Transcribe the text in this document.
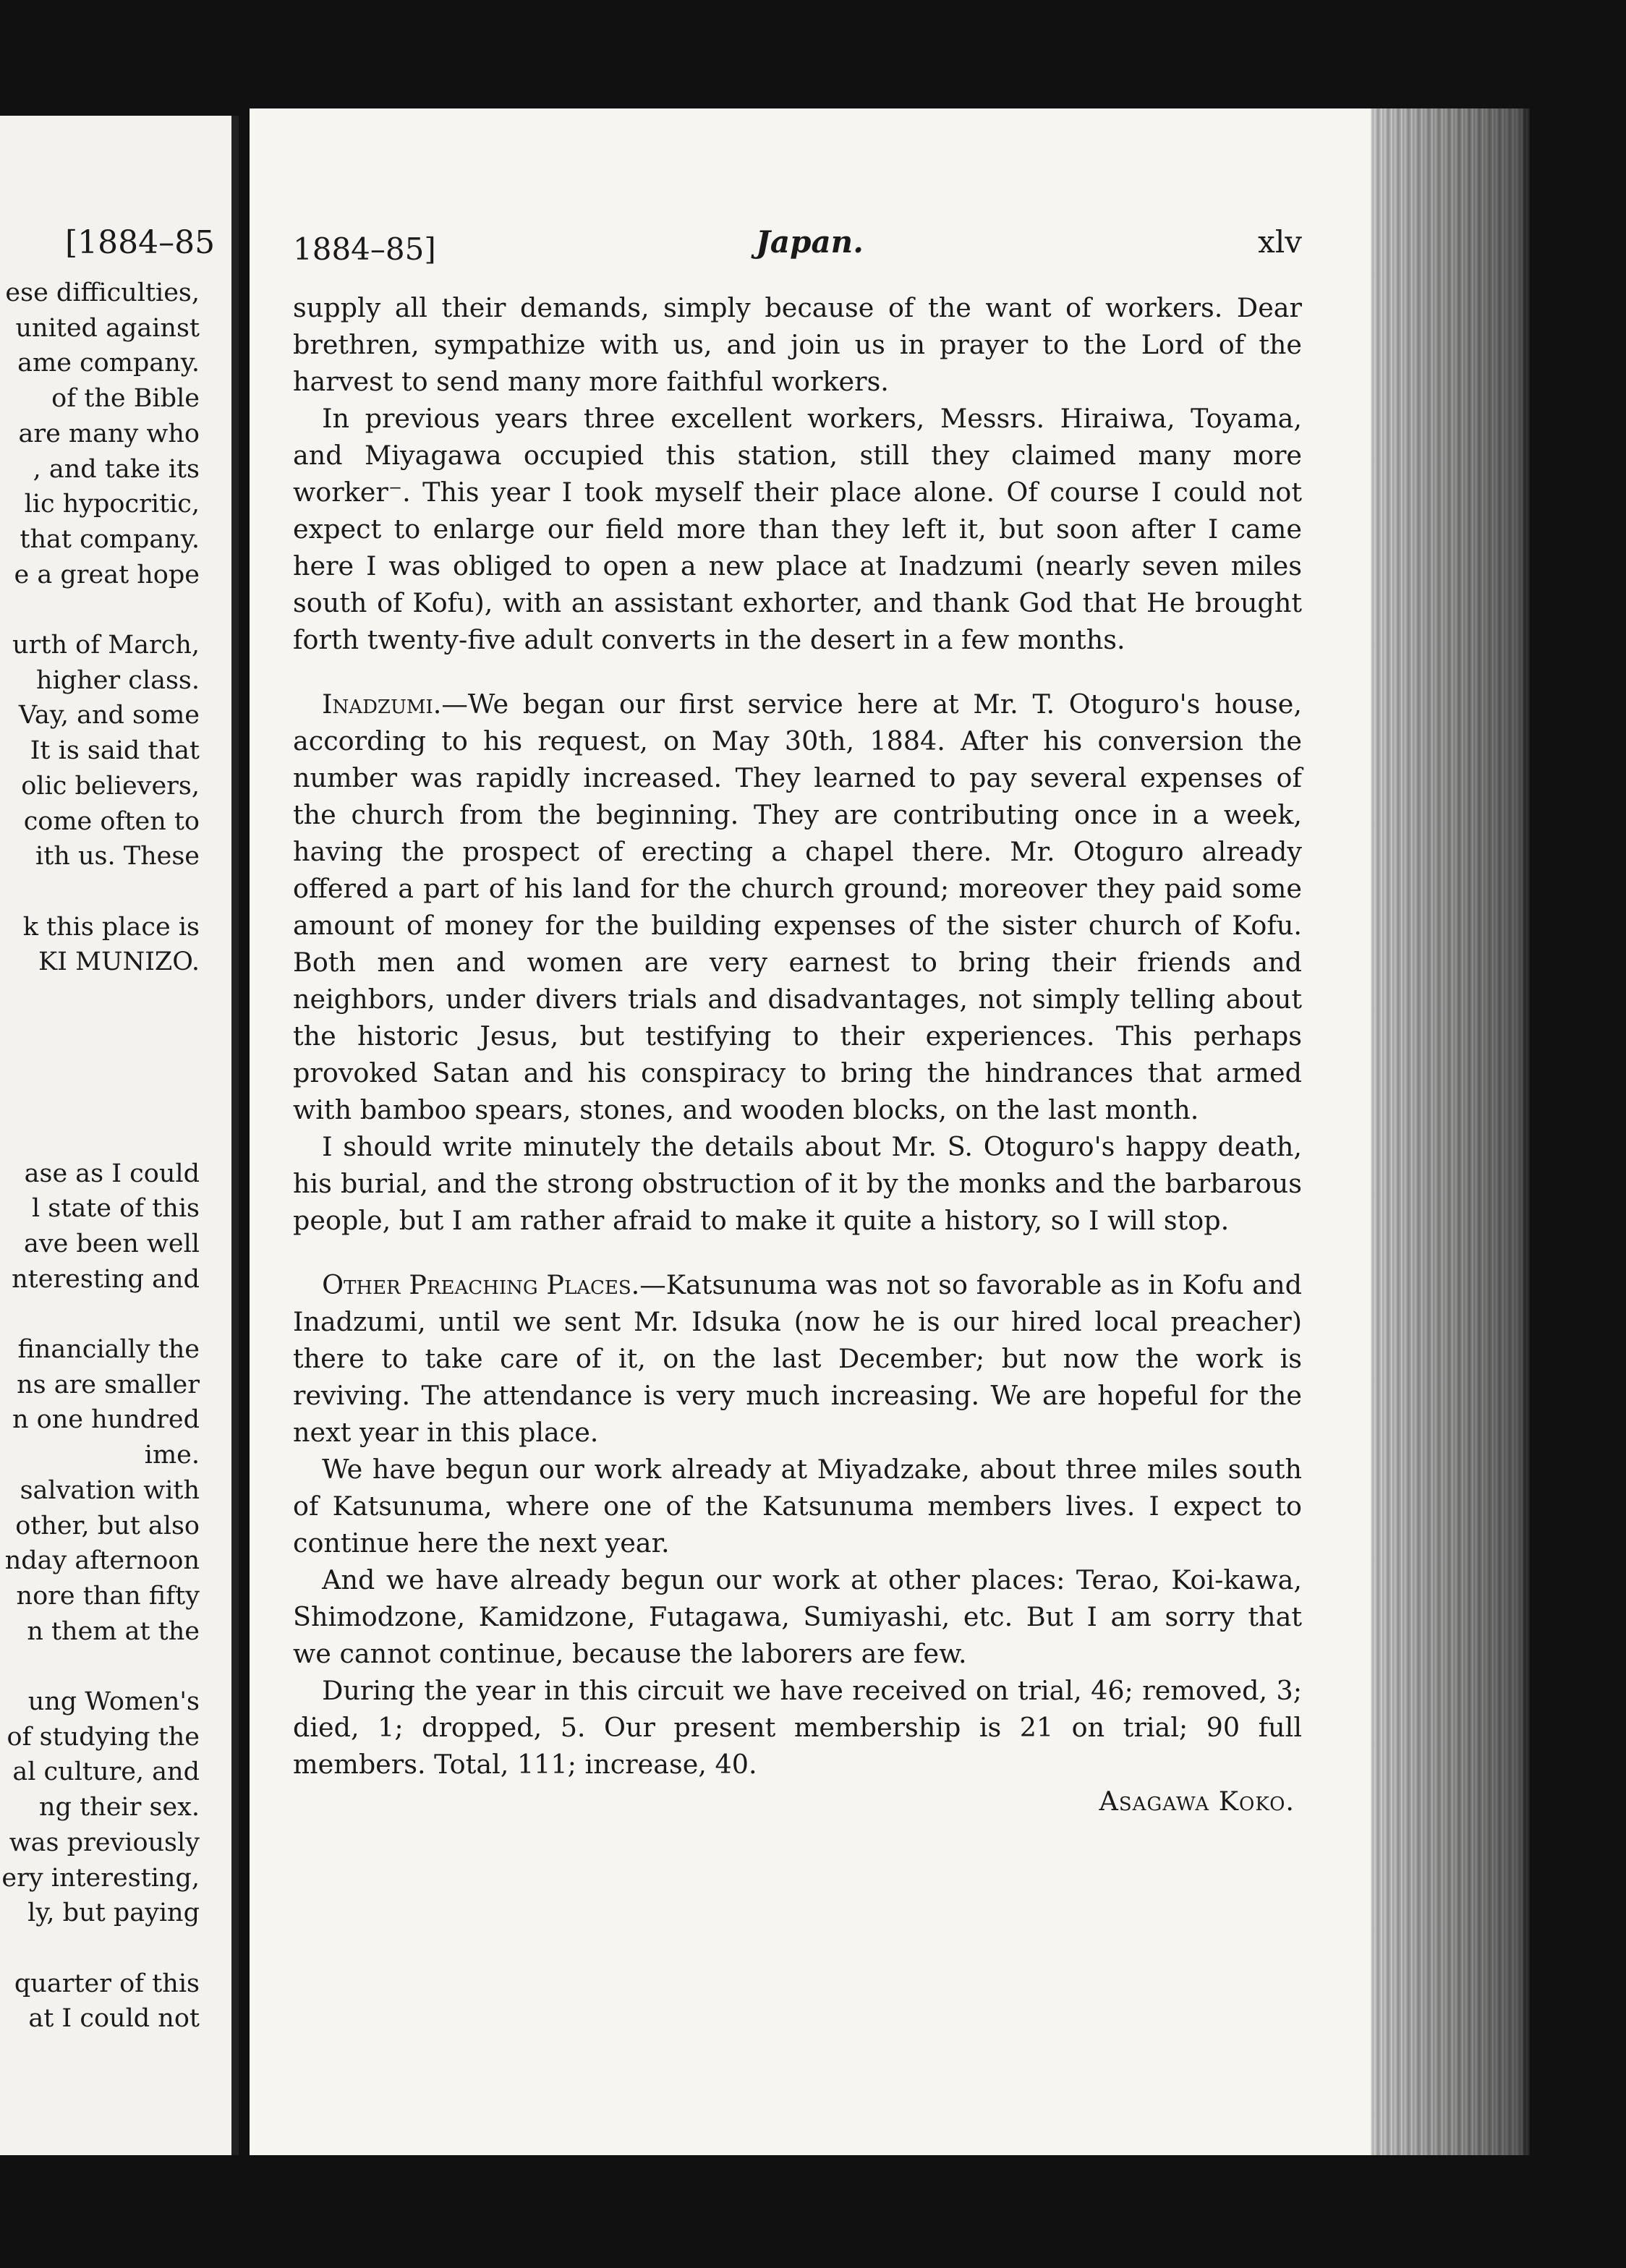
[1884–85
ese difficulties,
united against
ame company.
of the Bible
are many who
, and take its
lic hypocritic,
that company.
e a great hope
urth of March,
higher class.
Vay, and some
It is said that
olic believers,
come often to
ith us. These
k this place is
KI MUNIZO.
ase as I could
l state of this
ave been well
nteresting and
financially the
ns are smaller
n one hundred
ime.
salvation with
other, but also
nday afternoon
nore than fifty
n them at the
ung Women's
of studying the
al culture, and
ng their sex.
was previously
ery interesting,
ly, but paying
quarter of this
at I could not
1884–85]	Japan.	xlv

supply all their demands, simply because of the want of workers. Dear brethren, sympathize with us, and join us in prayer to the Lord of the harvest to send many more faithful workers.

In previous years three excellent workers, Messrs. Hiraiwa, Toyama, and Miyagawa occupied this station, still they claimed many more worker⁻. This year I took myself their place alone. Of course I could not expect to enlarge our field more than they left it, but soon after I came here I was obliged to open a new place at Inadzumi (nearly seven miles south of Kofu), with an assistant exhorter, and thank God that He brought forth twenty-five adult converts in the desert in a few months.

Inadzumi.—We began our first service here at Mr. T. Otoguro's house, according to his request, on May 30th, 1884. After his conversion the number was rapidly increased. They learned to pay several expenses of the church from the beginning. They are contributing once in a week, having the prospect of erecting a chapel there. Mr. Otoguro already offered a part of his land for the church ground; moreover they paid some amount of money for the building expenses of the sister church of Kofu. Both men and women are very earnest to bring their friends and neighbors, under divers trials and disadvantages, not simply telling about the historic Jesus, but testifying to their experiences. This perhaps provoked Satan and his conspiracy to bring the hindrances that armed with bamboo spears, stones, and wooden blocks, on the last month.

I should write minutely the details about Mr. S. Otoguro's happy death, his burial, and the strong obstruction of it by the monks and the barbarous people, but I am rather afraid to make it quite a history, so I will stop.

Other Preaching Places.—Katsunuma was not so favorable as in Kofu and Inadzumi, until we sent Mr. Idsuka (now he is our hired local preacher) there to take care of it, on the last December; but now the work is reviving. The attendance is very much increasing. We are hopeful for the next year in this place.

We have begun our work already at Miyadzake, about three miles south of Katsunuma, where one of the Katsunuma members lives. I expect to continue here the next year.

And we have already begun our work at other places: Terao, Koi-kawa, Shimodzone, Kamidzone, Futagawa, Sumiyashi, etc. But I am sorry that we cannot continue, because the laborers are few.

During the year in this circuit we have received on trial, 46; removed, 3; died, 1; dropped, 5. Our present membership is 21 on trial; 90 full members. Total, 111; increase, 40.

Asagawa Koko.
